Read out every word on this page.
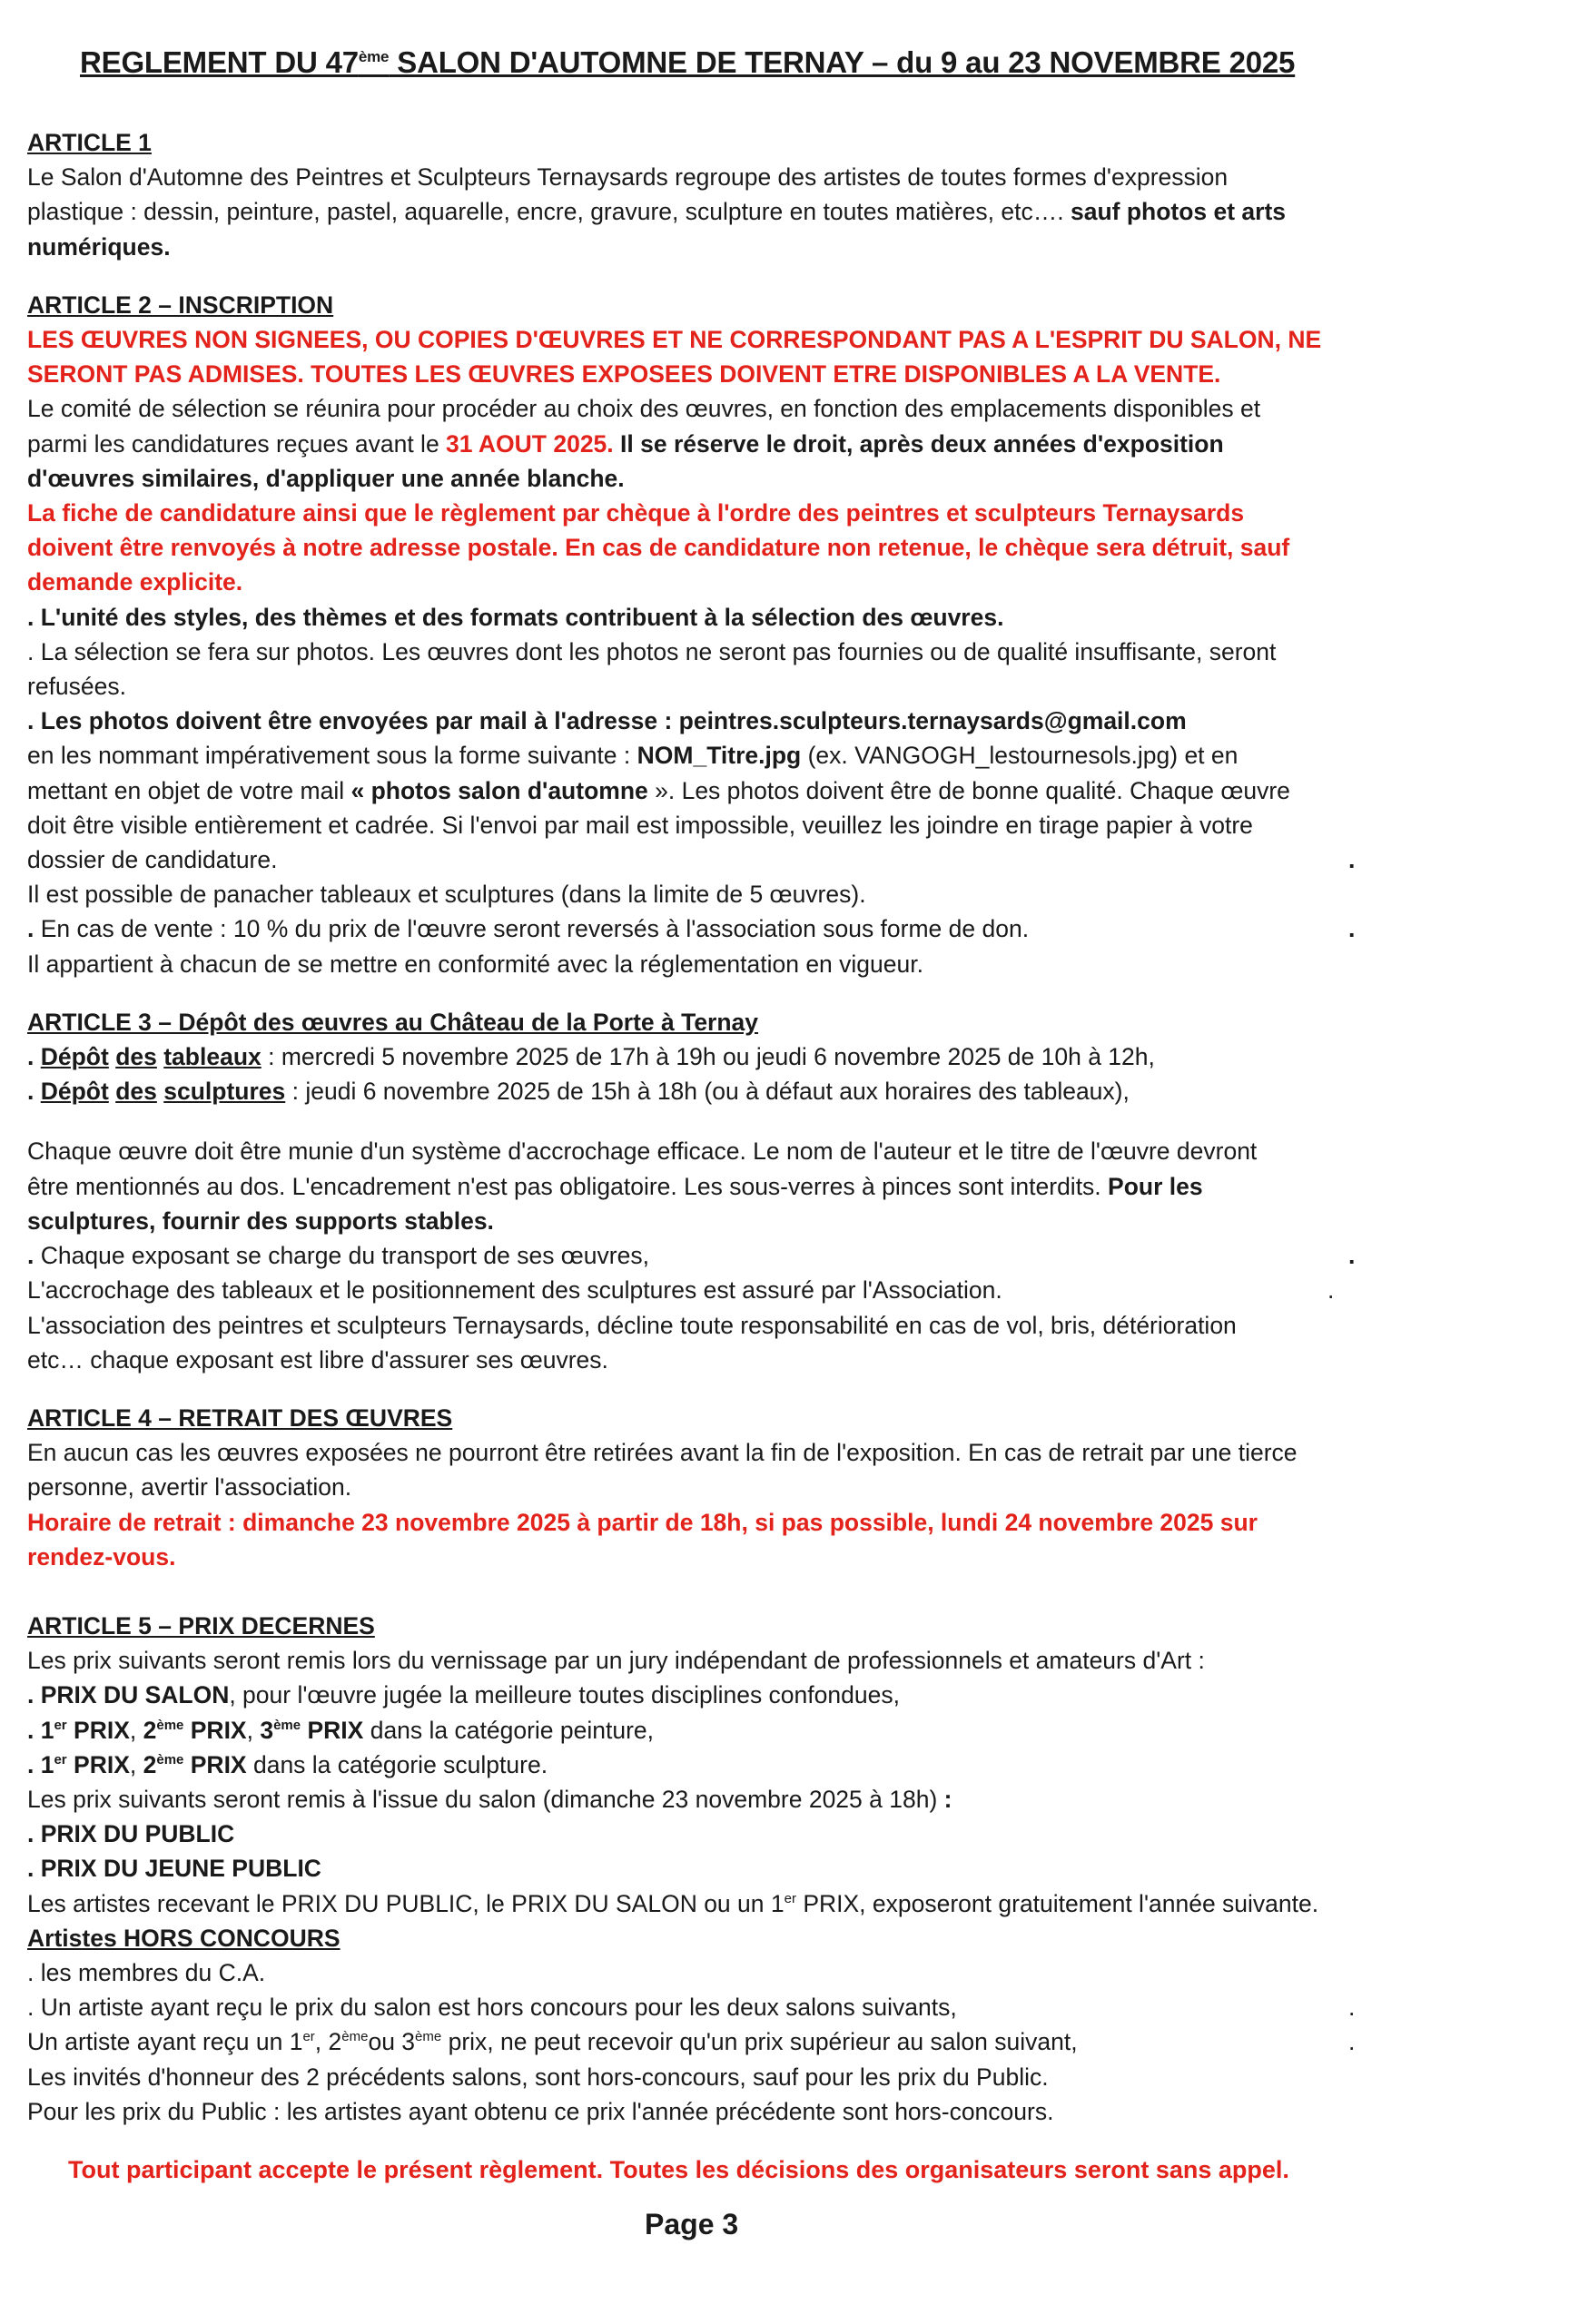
REGLEMENT DU 47ème SALON D'AUTOMNE DE TERNAY – du 9 au 23 NOVEMBRE 2025
ARTICLE 1
Le Salon d'Automne des Peintres et Sculpteurs Ternaysards regroupe des artistes de toutes formes d'expression
plastique : dessin, peinture, pastel, aquarelle, encre, gravure, sculpture en toutes matières, etc…. sauf photos et arts
numériques.
ARTICLE 2 – INSCRIPTION
LES ŒUVRES NON SIGNEES, OU COPIES D'ŒUVRES ET NE CORRESPONDANT PAS A L'ESPRIT DU SALON, NE
SERONT PAS ADMISES. TOUTES LES ŒUVRES EXPOSEES DOIVENT ETRE DISPONIBLES A LA VENTE.
Le comité de sélection se réunira pour procéder au choix des œuvres, en fonction des emplacements disponibles et
parmi les candidatures reçues avant le 31 AOUT 2025. Il se réserve le droit, après deux années d'exposition
d'œuvres similaires, d'appliquer une année blanche.
La fiche de candidature ainsi que le règlement par chèque à l'ordre des peintres et sculpteurs Ternaysards
doivent être renvoyés à notre adresse postale. En cas de candidature non retenue, le chèque sera détruit, sauf
demande explicite.
. L'unité des styles, des thèmes et des formats contribuent à la sélection des œuvres.
. La sélection se fera sur photos. Les œuvres dont les photos ne seront pas fournies ou de qualité insuffisante, seront
refusées.
. Les photos doivent être envoyées par mail à l'adresse : peintres.sculpteurs.ternaysards@gmail.com
en les nommant impérativement sous la forme suivante : NOM_Titre.jpg (ex. VANGOGH_lestournesols.jpg) et en
mettant en objet de votre mail « photos salon d'automne ». Les photos doivent être de bonne qualité. Chaque œuvre
doit être visible entièrement et cadrée. Si l'envoi par mail est impossible, veuillez les joindre en tirage papier à votre
dossier de candidature.	.
Il est possible de panacher tableaux et sculptures (dans la limite de 5 œuvres).
. En cas de vente : 10 % du prix de l'œuvre seront reversés à l'association sous forme de don.	.
Il appartient à chacun de se mettre en conformité avec la réglementation en vigueur.
ARTICLE 3 – Dépôt des œuvres au Château de la Porte à Ternay
. Dépôt des tableaux : mercredi 5 novembre 2025 de 17h à 19h ou jeudi 6 novembre 2025 de 10h à 12h,
. Dépôt des sculptures : jeudi 6 novembre 2025 de 15h à 18h (ou à défaut aux horaires des tableaux),
Chaque œuvre doit être munie d'un système d'accrochage efficace. Le nom de l'auteur et le titre de l'œuvre devront
être mentionnés au dos. L'encadrement n'est pas obligatoire. Les sous-verres à pinces sont interdits. Pour les
sculptures, fournir des supports stables.
. Chaque exposant se charge du transport de ses œuvres,	.
L'accrochage des tableaux et le positionnement des sculptures est assuré par l'Association.	.
L'association des peintres et sculpteurs Ternaysards, décline toute responsabilité en cas de vol, bris, détérioration
etc… chaque exposant est libre d'assurer ses œuvres.
ARTICLE 4 – RETRAIT DES ŒUVRES
En aucun cas les œuvres exposées ne pourront être retirées avant la fin de l'exposition. En cas de retrait par une tierce
personne, avertir l'association.
Horaire de retrait : dimanche 23 novembre 2025 à partir de 18h, si pas possible, lundi 24 novembre 2025 sur
rendez-vous.
ARTICLE 5 – PRIX DECERNES
Les prix suivants seront remis lors du vernissage par un jury indépendant de professionnels et amateurs d'Art :
. PRIX DU SALON, pour l'œuvre jugée la meilleure toutes disciplines confondues,
. 1er PRIX, 2ème PRIX, 3ème PRIX dans la catégorie peinture,
. 1er PRIX, 2ème PRIX dans la catégorie sculpture.
Les prix suivants seront remis à l'issue du salon (dimanche 23 novembre 2025 à 18h) :
. PRIX DU PUBLIC
. PRIX DU JEUNE PUBLIC
Les artistes recevant le PRIX DU PUBLIC, le PRIX DU SALON ou un 1er PRIX, exposeront gratuitement l'année suivante.
Artistes HORS CONCOURS
. les membres du C.A.
. Un artiste ayant reçu le prix du salon est hors concours pour les deux salons suivants,	.
Un artiste ayant reçu un 1er, 2èmeou 3ème prix, ne peut recevoir qu'un prix supérieur au salon suivant,	.
Les invités d'honneur des 2 précédents salons, sont hors-concours, sauf pour les prix du Public.
Pour les prix du Public : les artistes ayant obtenu ce prix l'année précédente sont hors-concours.
Tout participant accepte le présent règlement. Toutes les décisions des organisateurs seront sans appel.
Page 3
